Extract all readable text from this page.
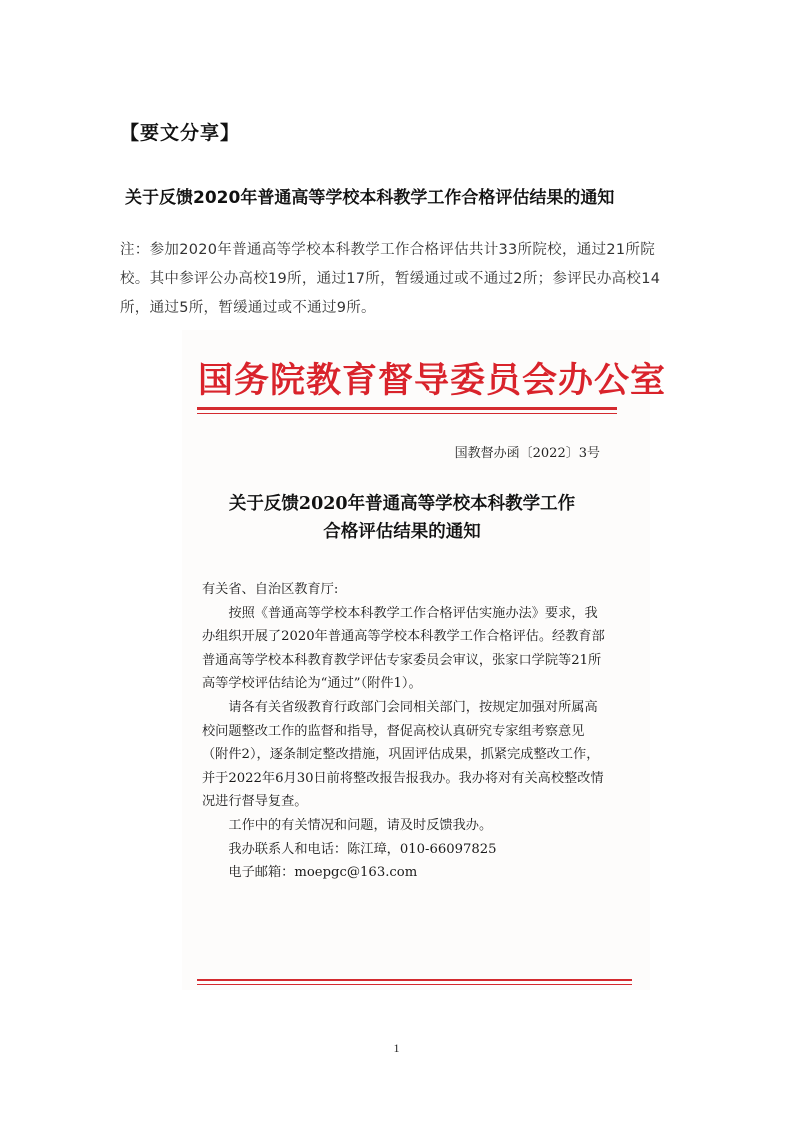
【要文分享】
关于反馈2020年普通高等学校本科教学工作合格评估结果的通知
注：参加2020年普通高等学校本科教学工作合格评估共计33所院校，通过21所院校。其中参评公办高校19所，通过17所，暂缓通过或不通过2所；参评民办高校14所，通过5所，暂缓通过或不通过9所。
国务院教育督导委员会办公室
国教督办函〔2022〕3号
关于反馈2020年普通高等学校本科教学工作
合格评估结果的通知

有关省、自治区教育厅:

按照《普通高等学校本科教学工作合格评估实施办法》要求，我办组织开展了2020年普通高等学校本科教学工作合格评估。经教育部普通高等学校本科教育教学评估专家委员会审议，张家口学院等21所高等学校评估结论为“通过”（附件1）。

请各有关省级教育行政部门会同相关部门，按规定加强对所属高校问题整改工作的监督和指导，督促高校认真研究专家组考察意见（附件2），逐条制定整改措施，巩固评估成果，抓紧完成整改工作，并于2022年6月30日前将整改报告报我办。我办将对有关高校整改情况进行督导复查。

工作中的有关情况和问题，请及时反馈我办。

我办联系人和电话：陈江璋，010-66097825

电子邮箱：moepgc@163.com

1
